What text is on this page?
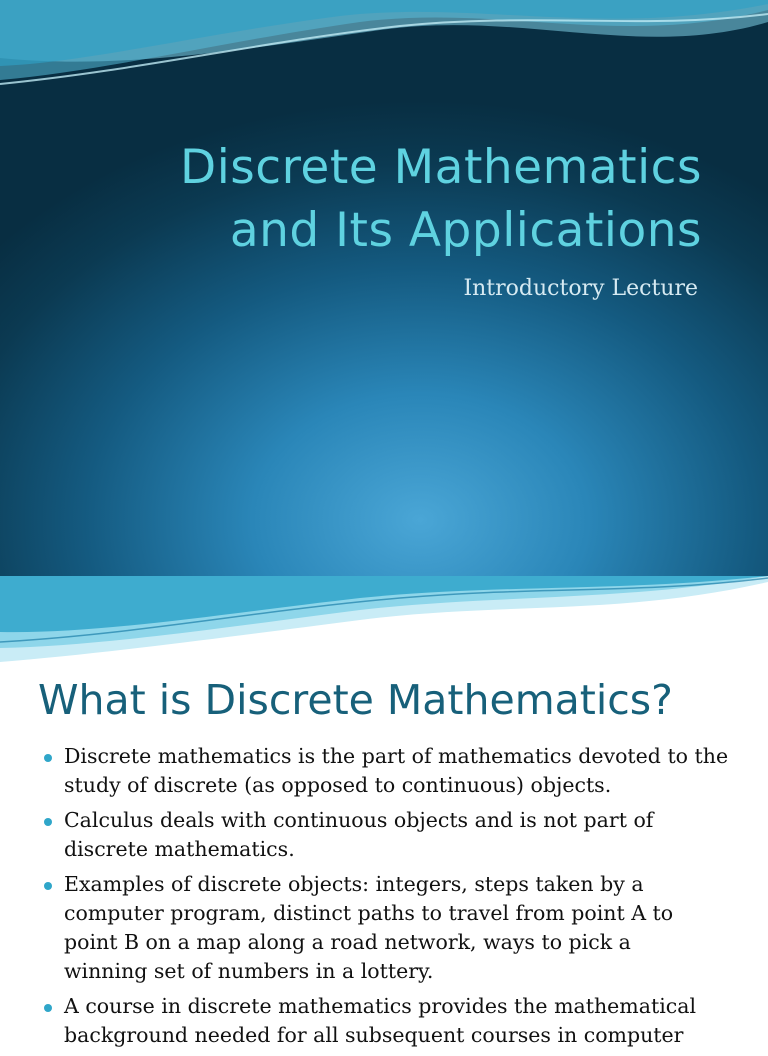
Discrete Mathematics
and Its Applications
Introductory Lecture
What is Discrete Mathematics?
Discrete mathematics is the part of mathematics devoted to the
study of discrete (as opposed to continuous) objects.
Calculus deals with continuous objects and is not part of
discrete mathematics.
Examples of discrete objects: integers, steps taken by a
computer program, distinct paths to travel from point A to
point B on a map along a road network, ways to pick a
winning set of numbers in a lottery.
A course in discrete mathematics provides the mathematical
background needed for all subsequent courses in computer
